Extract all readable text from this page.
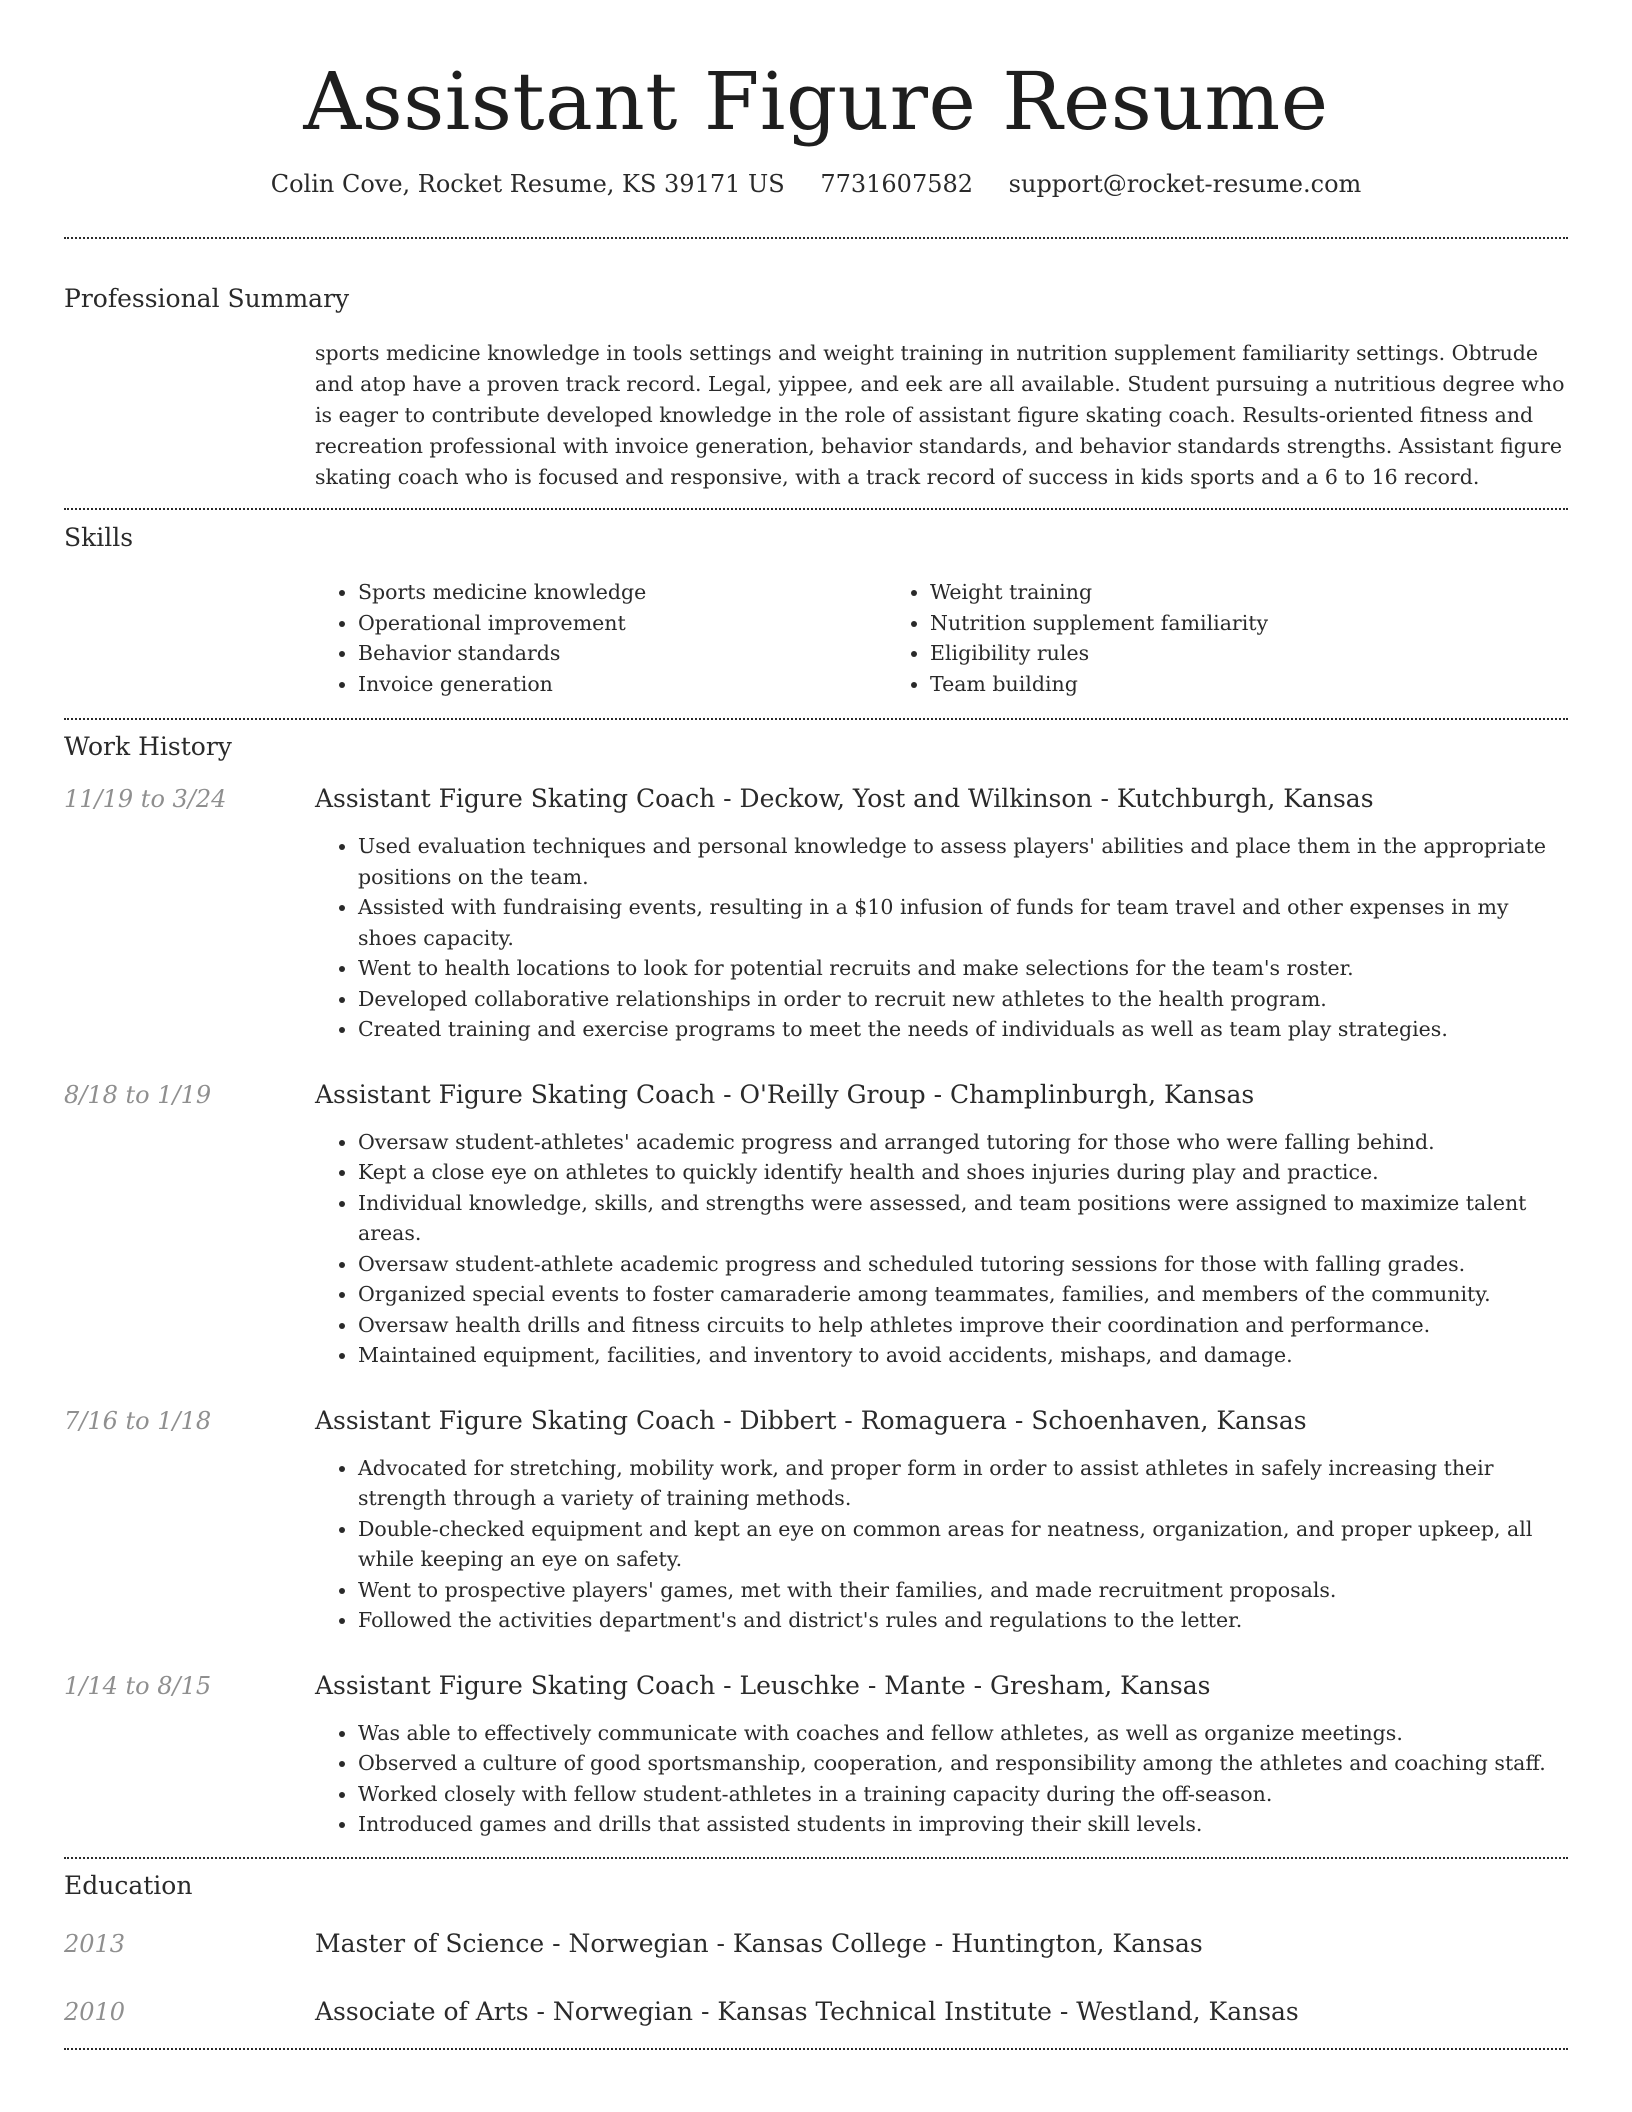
Assistant Figure Resume
Colin Cove, Rocket Resume, KS 39171 US 7731607582 support@rocket-resume.com
Professional Summary

sports medicine knowledge in tools settings and weight training in nutrition supplement familiarity settings. Obtrude and atop have a proven track record. Legal, yippee, and eek are all available. Student pursuing a nutritious degree who is eager to contribute developed knowledge in the role of assistant figure skating coach. Results-oriented fitness and recreation professional with invoice generation, behavior standards, and behavior standards strengths. Assistant figure skating coach who is focused and responsive, with a track record of success in kids sports and a 6 to 16 record.

Skills
• Sports medicine knowledge
• Operational improvement
• Behavior standards
• Invoice generation
• Weight training
• Nutrition supplement familiarity
• Eligibility rules
• Team building
Work History
11/19 to 3/24	Assistant Figure Skating Coach - Deckow, Yost and Wilkinson - Kutchburgh, Kansas
• Used evaluation techniques and personal knowledge to assess players' abilities and place them in the appropriate positions on the team.
• Assisted with fundraising events, resulting in a $10 infusion of funds for team travel and other expenses in my shoes capacity.
• Went to health locations to look for potential recruits and make selections for the team's roster.
• Developed collaborative relationships in order to recruit new athletes to the health program.
• Created training and exercise programs to meet the needs of individuals as well as team play strategies.
8/18 to 1/19	Assistant Figure Skating Coach - O'Reilly Group - Champlinburgh, Kansas
• Oversaw student-athletes' academic progress and arranged tutoring for those who were falling behind.
• Kept a close eye on athletes to quickly identify health and shoes injuries during play and practice.
• Individual knowledge, skills, and strengths were assessed, and team positions were assigned to maximize talent areas.
• Oversaw student-athlete academic progress and scheduled tutoring sessions for those with falling grades.
• Organized special events to foster camaraderie among teammates, families, and members of the community.
• Oversaw health drills and fitness circuits to help athletes improve their coordination and performance.
• Maintained equipment, facilities, and inventory to avoid accidents, mishaps, and damage.
7/16 to 1/18	Assistant Figure Skating Coach - Dibbert - Romaguera - Schoenhaven, Kansas
• Advocated for stretching, mobility work, and proper form in order to assist athletes in safely increasing their strength through a variety of training methods.
• Double-checked equipment and kept an eye on common areas for neatness, organization, and proper upkeep, all while keeping an eye on safety.
• Went to prospective players' games, met with their families, and made recruitment proposals.
• Followed the activities department's and district's rules and regulations to the letter.
1/14 to 8/15	Assistant Figure Skating Coach - Leuschke - Mante - Gresham, Kansas
• Was able to effectively communicate with coaches and fellow athletes, as well as organize meetings.
• Observed a culture of good sportsmanship, cooperation, and responsibility among the athletes and coaching staff.
• Worked closely with fellow student-athletes in a training capacity during the off-season.
• Introduced games and drills that assisted students in improving their skill levels.
Education
2013	Master of Science - Norwegian - Kansas College - Huntington, Kansas
2010	Associate of Arts - Norwegian - Kansas Technical Institute - Westland, Kansas
